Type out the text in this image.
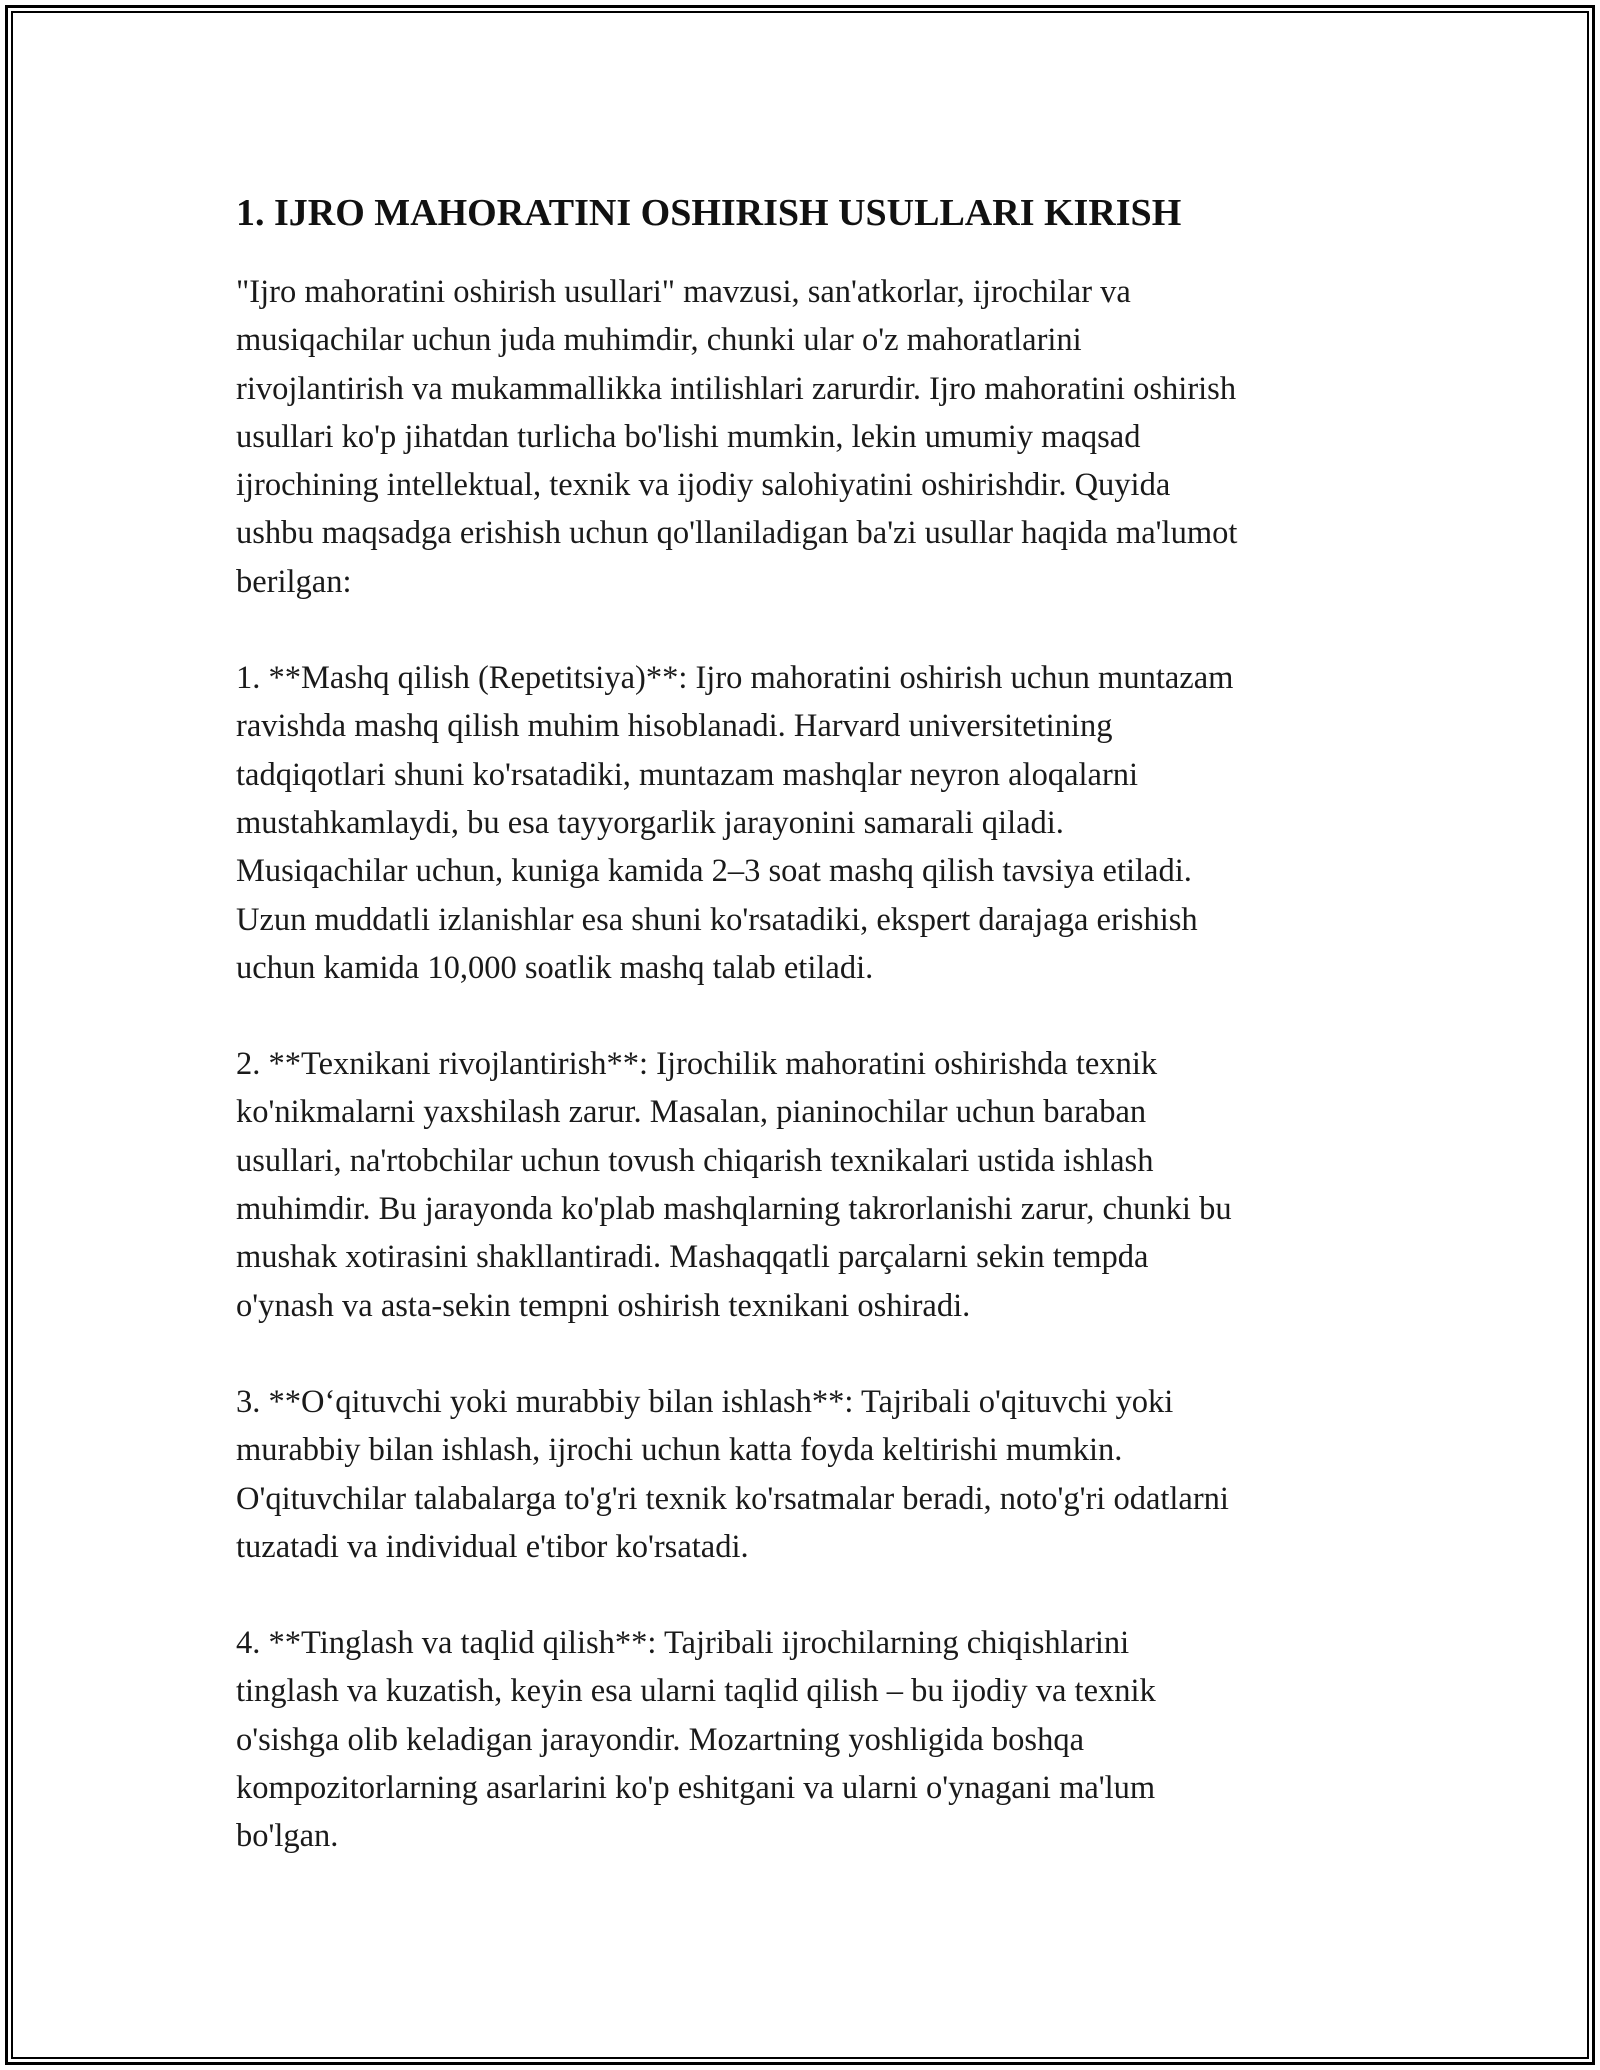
1. IJRO MAHORATINI OSHIRISH USULLARI KIRISH

"Ijro mahoratini oshirish usullari" mavzusi, san'atkorlar, ijrochilar va
musiqachilar uchun juda muhimdir, chunki ular o'z mahoratlarini
rivojlantirish va mukammallikka intilishlari zarurdir. Ijro mahoratini oshirish
usullari ko'p jihatdan turlicha bo'lishi mumkin, lekin umumiy maqsad
ijrochining intellektual, texnik va ijodiy salohiyatini oshirishdir. Quyida
ushbu maqsadga erishish uchun qo'llaniladigan ba'zi usullar haqida ma'lumot
berilgan:

1. **Mashq qilish (Repetitsiya)**: Ijro mahoratini oshirish uchun muntazam
ravishda mashq qilish muhim hisoblanadi. Harvard universitetining
tadqiqotlari shuni ko'rsatadiki, muntazam mashqlar neyron aloqalarni
mustahkamlaydi, bu esa tayyorgarlik jarayonini samarali qiladi.
Musiqachilar uchun, kuniga kamida 2–3 soat mashq qilish tavsiya etiladi.
Uzun muddatli izlanishlar esa shuni ko'rsatadiki, ekspert darajaga erishish
uchun kamida 10,000 soatlik mashq talab etiladi.

2. **Texnikani rivojlantirish**: Ijrochilik mahoratini oshirishda texnik
ko'nikmalarni yaxshilash zarur. Masalan, pianinochilar uchun baraban
usullari, na'rtobchilar uchun tovush chiqarish texnikalari ustida ishlash
muhimdir. Bu jarayonda ko'plab mashqlarning takrorlanishi zarur, chunki bu
mushak xotirasini shakllantiradi. Mashaqqatli parçalarni sekin tempda
o'ynash va asta-sekin tempni oshirish texnikani oshiradi.

3. **O‘qituvchi yoki murabbiy bilan ishlash**: Tajribali o'qituvchi yoki
murabbiy bilan ishlash, ijrochi uchun katta foyda keltirishi mumkin.
O'qituvchilar talabalarga to'g'ri texnik ko'rsatmalar beradi, noto'g'ri odatlarni
tuzatadi va individual e'tibor ko'rsatadi.

4. **Tinglash va taqlid qilish**: Tajribali ijrochilarning chiqishlarini
tinglash va kuzatish, keyin esa ularni taqlid qilish – bu ijodiy va texnik
o'sishga olib keladigan jarayondir. Mozartning yoshligida boshqa
kompozitorlarning asarlarini ko'p eshitgani va ularni o'ynagani ma'lum
bo'lgan.
